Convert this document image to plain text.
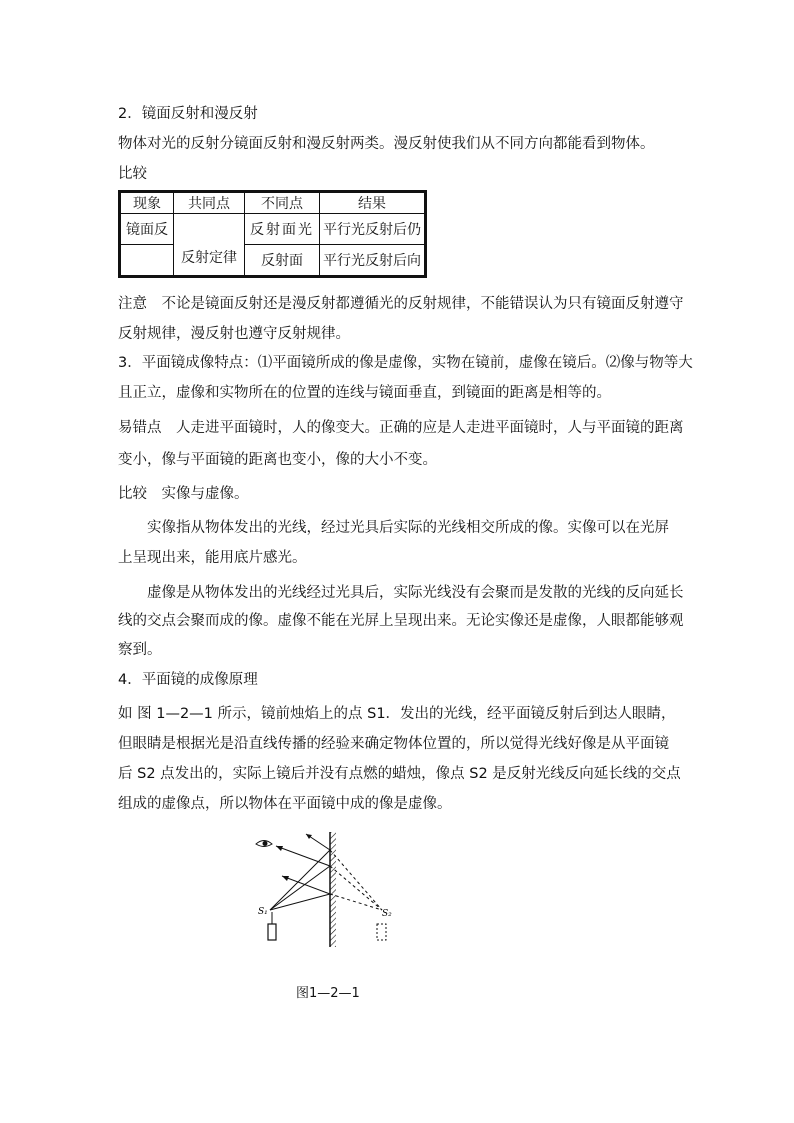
2．镜面反射和漫反射
物体对光的反射分镜面反射和漫反射两类。漫反射使我们从不同方向都能看到物体。
比较
现象	共同点	不同点	结果
镜面反	反射定律	反射面光	平行光反射后仍
		反射面	平行光反射后向
注意　不论是镜面反射还是漫反射都遵循光的反射规律，不能错误认为只有镜面反射遵守
反射规律，漫反射也遵守反射规律。
3．平面镜成像特点：⑴平面镜所成的像是虚像，实物在镜前，虚像在镜后。⑵像与物等大
且正立，虚像和实物所在的位置的连线与镜面垂直，到镜面的距离是相等的。
易错点　人走进平面镜时，人的像变大。正确的应是人走进平面镜时，人与平面镜的距离
变小，像与平面镜的距离也变小，像的大小不变。
比较　实像与虚像。
实像指从物体发出的光线，经过光具后实际的光线相交所成的像。实像可以在光屏
上呈现出来，能用底片感光。
虚像是从物体发出的光线经过光具后，实际光线没有会聚而是发散的光线的反向延长
线的交点会聚而成的像。虚像不能在光屏上呈现出来。无论实像还是虚像，人眼都能够观
察到。
4．平面镜的成像原理
如 图 1—2—1 所示，镜前烛焰上的点 S1．发出的光线，经平面镜反射后到达人眼睛，
但眼睛是根据光是沿直线传播的经验来确定物体位置的，所以觉得光线好像是从平面镜
后 S2 点发出的，实际上镜后并没有点燃的蜡烛，像点 S2 是反射光线反向延长线的交点
组成的虚像点，所以物体在平面镜中成的像是虚像。
S₁	S₂
图1—2—1
